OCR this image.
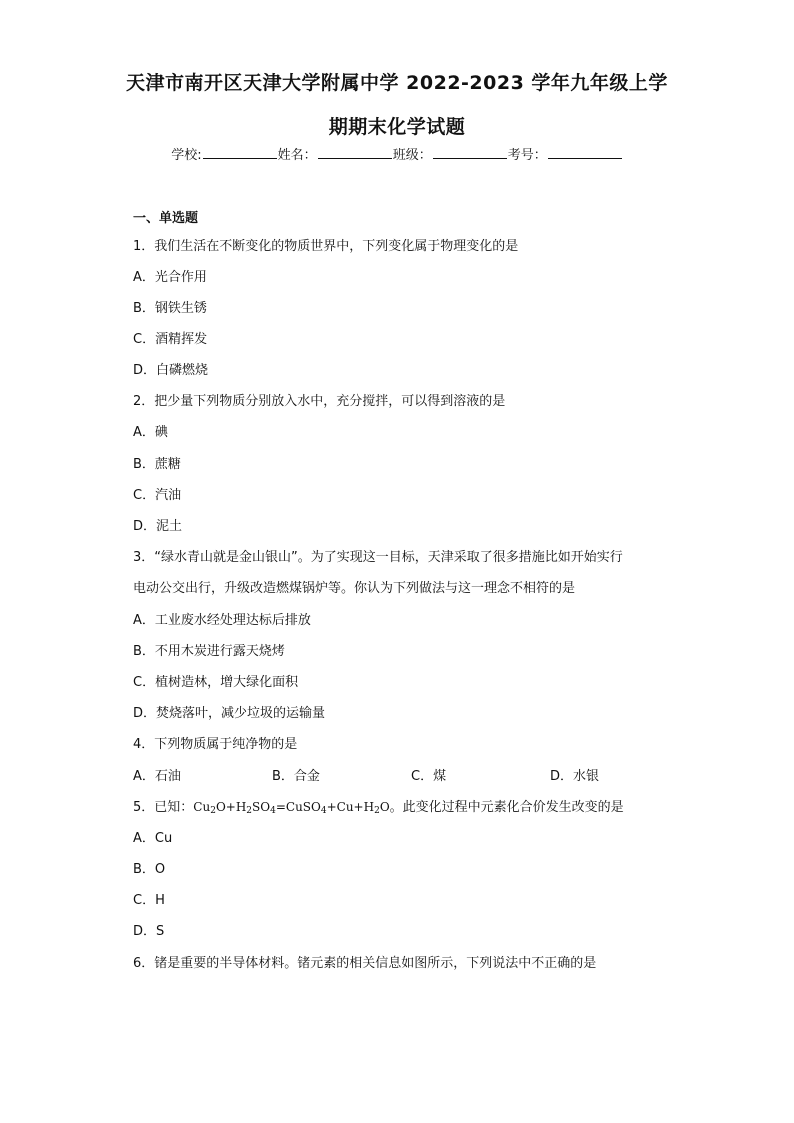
天津市南开区天津大学附属中学 2022-2023 学年九年级上学
期期末化学试题
学校:	姓名：	班级：	考号：
一、单选题
1．我们生活在不断变化的物质世界中，下列变化属于物理变化的是
A．光合作用
B．钢铁生锈
C．酒精挥发
D．白磷燃烧
2．把少量下列物质分别放入水中，充分搅拌，可以得到溶液的是
A．碘
B．蔗糖
C．汽油
D．泥土
3．“绿水青山就是金山银山”。为了实现这一目标，天津采取了很多措施比如开始实行
电动公交出行，升级改造燃煤锅炉等。你认为下列做法与这一理念不相符的是
A．工业废水经处理达标后排放
B．不用木炭进行露天烧烤
C．植树造林，增大绿化面积
D．焚烧落叶，减少垃圾的运输量
4．下列物质属于纯净物的是
A．石油	B．合金	C．煤	D．水银
5．已知：$Cu_2O+H_2SO_4=CuSO_4+Cu+H_2O$。此变化过程中元素化合价发生改变的是
A．Cu
B．O
C．H
D．S
6．锗是重要的半导体材料。锗元素的相关信息如图所示，下列说法中不正确的是
